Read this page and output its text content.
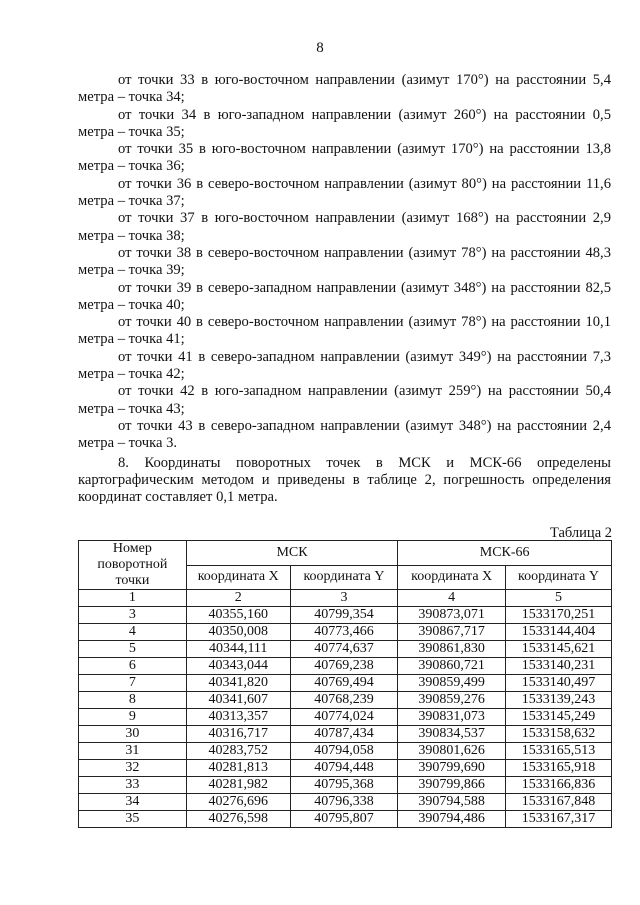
8

от точки 33 в юго-восточном направлении (азимут 170°) на расстоянии 5,4 метра – точка 34;

от точки 34 в юго-западном направлении (азимут 260°) на расстоянии 0,5 метра – точка 35;

от точки 35 в юго-восточном направлении (азимут 170°) на расстоянии 13,8 метра – точка 36;

от точки 36 в северо-восточном направлении (азимут 80°) на расстоянии 11,6 метра – точка 37;

от точки 37 в юго-восточном направлении (азимут 168°) на расстоянии 2,9 метра – точка 38;

от точки 38 в северо-восточном направлении (азимут 78°) на расстоянии 48,3 метра – точка 39;

от точки 39 в северо-западном направлении (азимут 348°) на расстоянии 82,5 метра – точка 40;

от точки 40 в северо-восточном направлении (азимут 78°) на расстоянии 10,1 метра – точка 41;

от точки 41 в северо-западном направлении (азимут 349°) на расстоянии 7,3 метра – точка 42;

от точки 42 в юго-западном направлении (азимут 259°) на расстоянии 50,4 метра – точка 43;

от точки 43 в северо-западном направлении (азимут 348°) на расстоянии 2,4 метра – точка 3.

8. Координаты поворотных точек в МСК и МСК-66 определены картографическим методом и приведены в таблице 2, погрешность определения координат составляет 0,1 метра.

Таблица 2
Номер поворотной точки	МСК		МСК-66	
	координата X	координата Y	координата X	координата Y
1	2	3	4	5
3	40355,160	40799,354	390873,071	1533170,251
4	40350,008	40773,466	390867,717	1533144,404
5	40344,111	40774,637	390861,830	1533145,621
6	40343,044	40769,238	390860,721	1533140,231
7	40341,820	40769,494	390859,499	1533140,497
8	40341,607	40768,239	390859,276	1533139,243
9	40313,357	40774,024	390831,073	1533145,249
30	40316,717	40787,434	390834,537	1533158,632
31	40283,752	40794,058	390801,626	1533165,513
32	40281,813	40794,448	390799,690	1533165,918
33	40281,982	40795,368	390799,866	1533166,836
34	40276,696	40796,338	390794,588	1533167,848
35	40276,598	40795,807	390794,486	1533167,317
